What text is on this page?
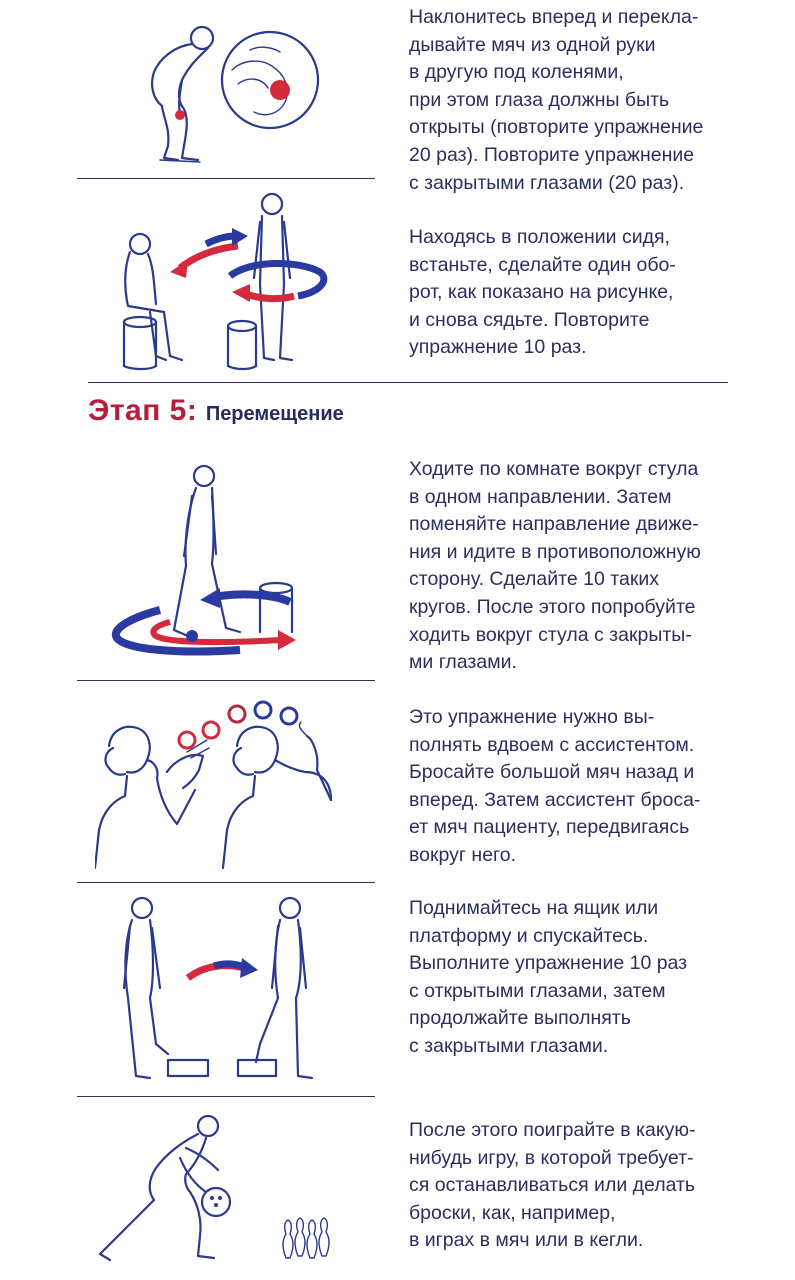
Наклонитесь вперед и перекла-
дывайте мяч из одной руки
в другую под коленями,
при этом глаза должны быть
открыты (повторите упражнение
20 раз). Повторите упражнение
с закрытыми глазами (20 раз).
Находясь в положении сидя,
встаньте, сделайте один обо-
рот, как показано на рисунке,
и снова сядьте. Повторите
упражнение 10 раз.
Этап 5: Перемещение
Ходите по комнате вокруг стула
в одном направлении. Затем
поменяйте направление движе-
ния и идите в противоположную
сторону. Сделайте 10 таких
кругов. После этого попробуйте
ходить вокруг стула с закрыты-
ми глазами.
Это упражнение нужно вы-
полнять вдвоем с ассистентом.
Бросайте большой мяч назад и
вперед. Затем ассистент броса-
ет мяч пациенту, передвигаясь
вокруг него.
Поднимайтесь на ящик или
платформу и спускайтесь.
Выполните упражнение 10 раз
с открытыми глазами, затем
продолжайте выполнять
с закрытыми глазами.
После этого поиграйте в какую-
нибудь игру, в которой требует-
ся останавливаться или делать
броски, как, например,
в играх в мяч или в кегли.
